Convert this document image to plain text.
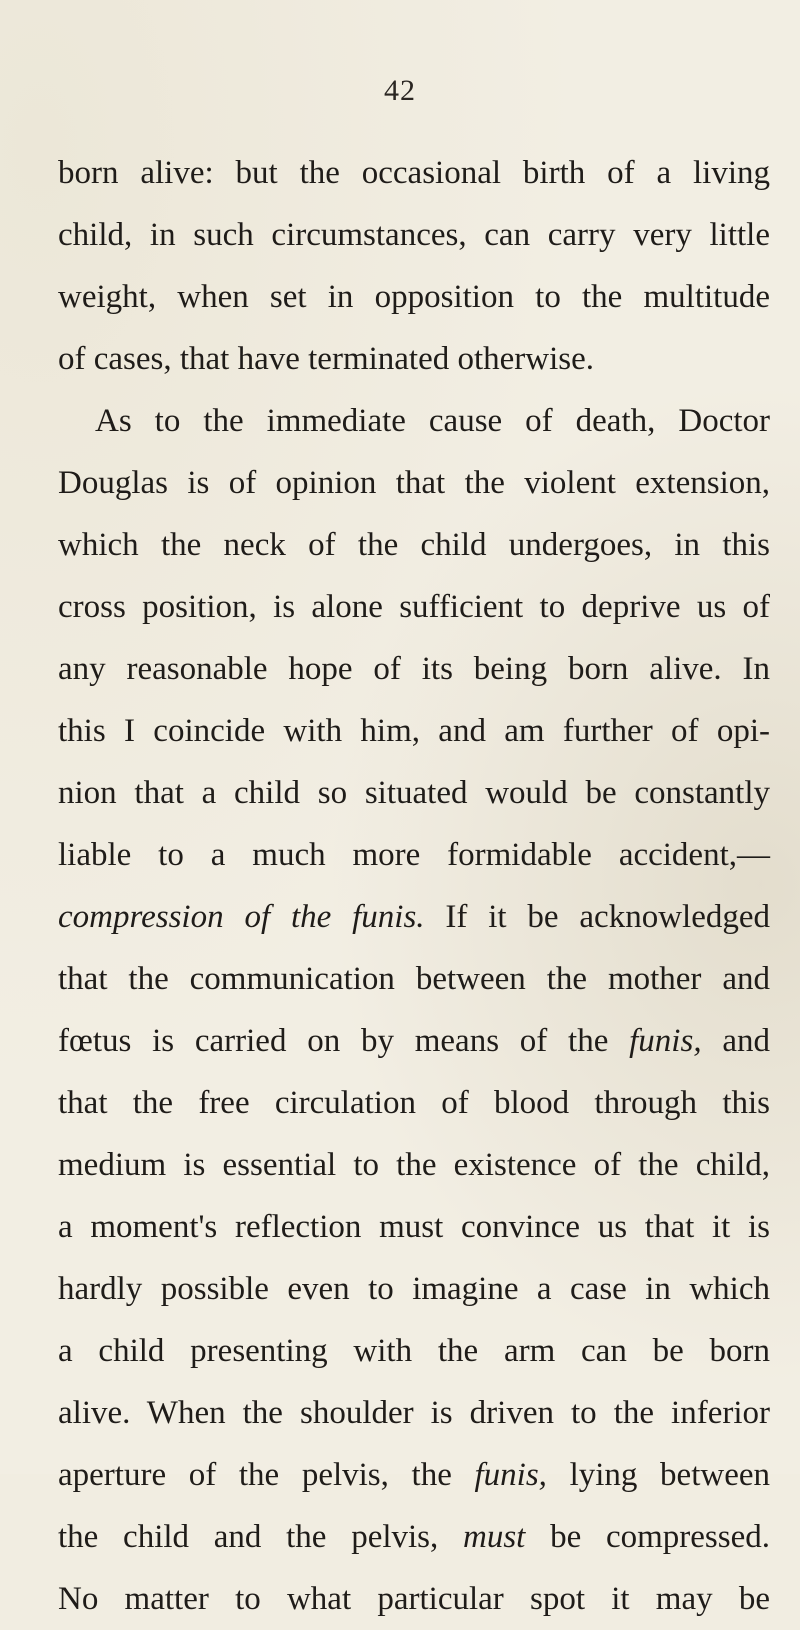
42
born alive: but the occasional birth of a living
child, in such circumstances, can carry very little
weight, when set in opposition to the multitude
of cases, that have terminated otherwise.
As to the immediate cause of death, Doctor
Douglas is of opinion that the violent extension,
which the neck of the child undergoes, in this
cross position, is alone sufficient to deprive us of
any reasonable hope of its being born alive. In
this I coincide with him, and am further of opi-
nion that a child so situated would be constantly
liable to a much more formidable accident,—
compression of the funis. If it be acknowledged
that the communication between the mother and
fœtus is carried on by means of the funis, and
that the free circulation of blood through this
medium is essential to the existence of the child,
a moment's reflection must convince us that it is
hardly possible even to imagine a case in which
a child presenting with the arm can be born
alive. When the shoulder is driven to the inferior
aperture of the pelvis, the funis, lying between
the child and the pelvis, must be compressed.
No matter to what particular spot it may be
